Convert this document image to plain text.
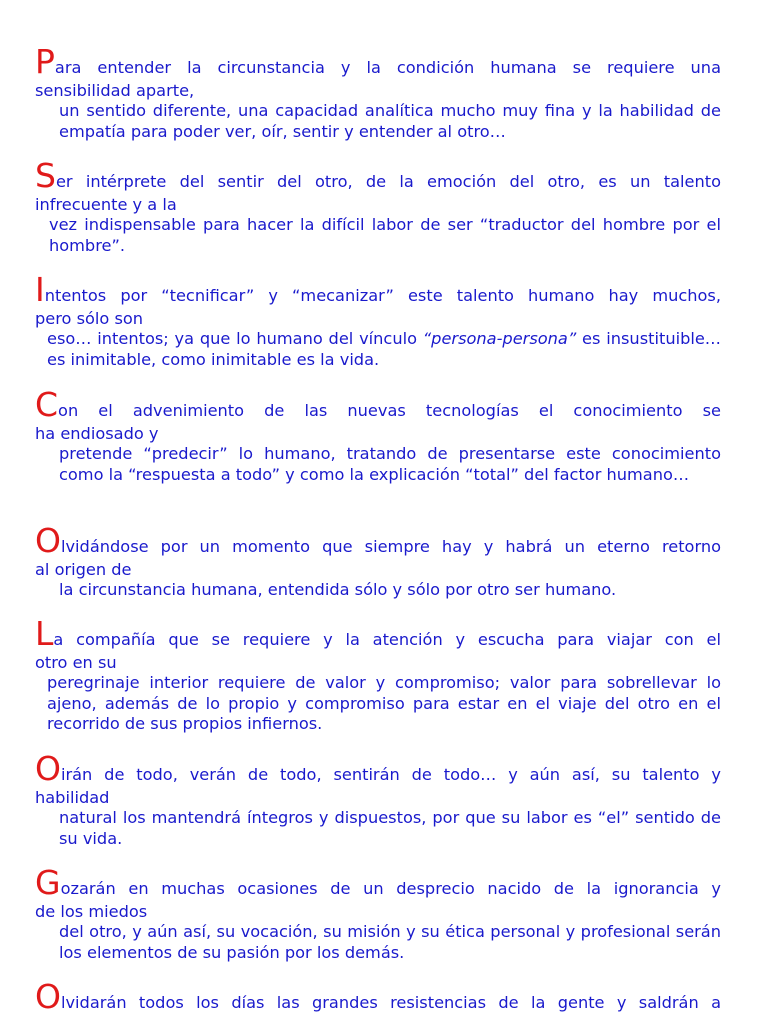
Para entender la circunstancia y la condición humana se requiere una
sensibilidad aparte,
un sentido diferente, una capacidad analítica mucho muy fina y la habilidad de empatía para poder ver, oír, sentir y entender al otro…
Ser intérprete del sentir del otro, de la emoción del otro, es un talento
infrecuente y a la
vez indispensable para hacer la difícil labor de ser “traductor del hombre por el hombre”.
Intentos por “tecnificar” y “mecanizar” este talento humano hay muchos,
pero sólo son
eso… intentos; ya que lo humano del vínculo “persona-persona” es insustituible… es inimitable, como inimitable es la vida.
Con el advenimiento de las nuevas tecnologías el conocimiento se
ha endiosado y
pretende “predecir” lo humano, tratando de presentarse este conocimiento como la “respuesta a todo” y como la explicación “total” del factor humano…
Olvidándose por un momento que siempre hay y habrá un eterno retorno
al origen de
la circunstancia humana, entendida sólo y sólo por otro ser humano.
La compañía que se requiere y la atención y escucha para viajar con el
otro en su
peregrinaje interior requiere de valor y compromiso; valor para sobrellevar lo ajeno, además de lo propio y compromiso para estar en el viaje del otro en el recorrido de sus propios infiernos.
Oirán de todo, verán de todo, sentirán de todo… y aún así, su talento y
habilidad
natural los mantendrá íntegros y dispuestos, por que su labor es “el” sentido de su vida.
Gozarán en muchas ocasiones de un desprecio nacido de la ignorancia y
de los miedos
del otro, y aún así, su vocación, su misión y su ética personal y profesional serán los elementos de su pasión por los demás.
Olvidarán todos los días las grandes resistencias de la gente y saldrán a
